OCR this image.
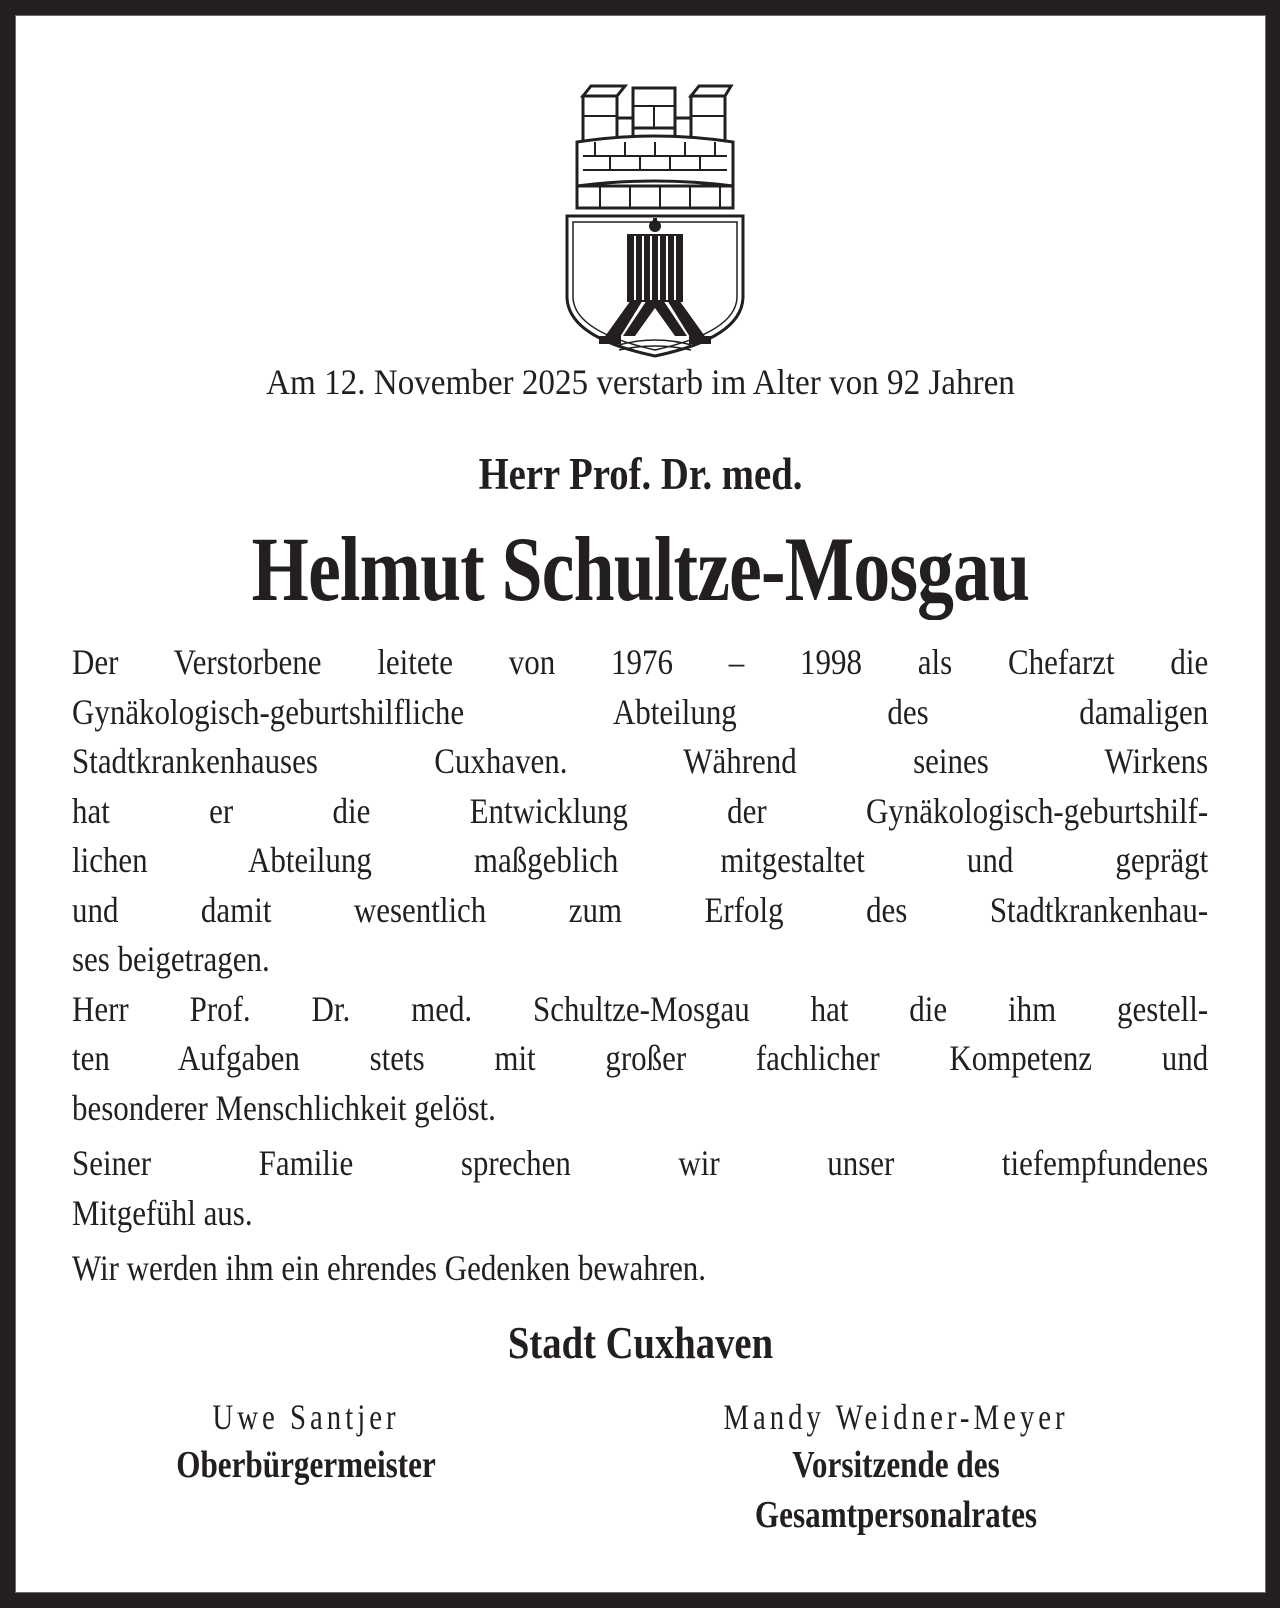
Am 12. November 2025 verstarb im Alter von 92 Jahren
Herr Prof. Dr. med.
Helmut Schultze-Mosgau
Der Verstorbene leitete von 1976 – 1998 als Chefarzt die
Gynäkologisch-geburtshilfliche Abteilung des damaligen
Stadtkrankenhauses Cuxhaven. Während seines Wirkens
hat er die Entwicklung der Gynäkologisch-geburtshilf-
lichen Abteilung maßgeblich mitgestaltet und geprägt
und damit wesentlich zum Erfolg des Stadtkrankenhau-
ses beigetragen.
Herr Prof. Dr. med. Schultze-Mosgau hat die ihm gestell-
ten Aufgaben stets mit großer fachlicher Kompetenz und
besonderer Menschlichkeit gelöst.
Seiner Familie sprechen wir unser tiefempfundenes
Mitgefühl aus.
Wir werden ihm ein ehrendes Gedenken bewahren.
Stadt Cuxhaven
Uwe Santjer
Oberbürgermeister
Mandy Weidner-Meyer
Vorsitzende des
Gesamtpersonalrates
